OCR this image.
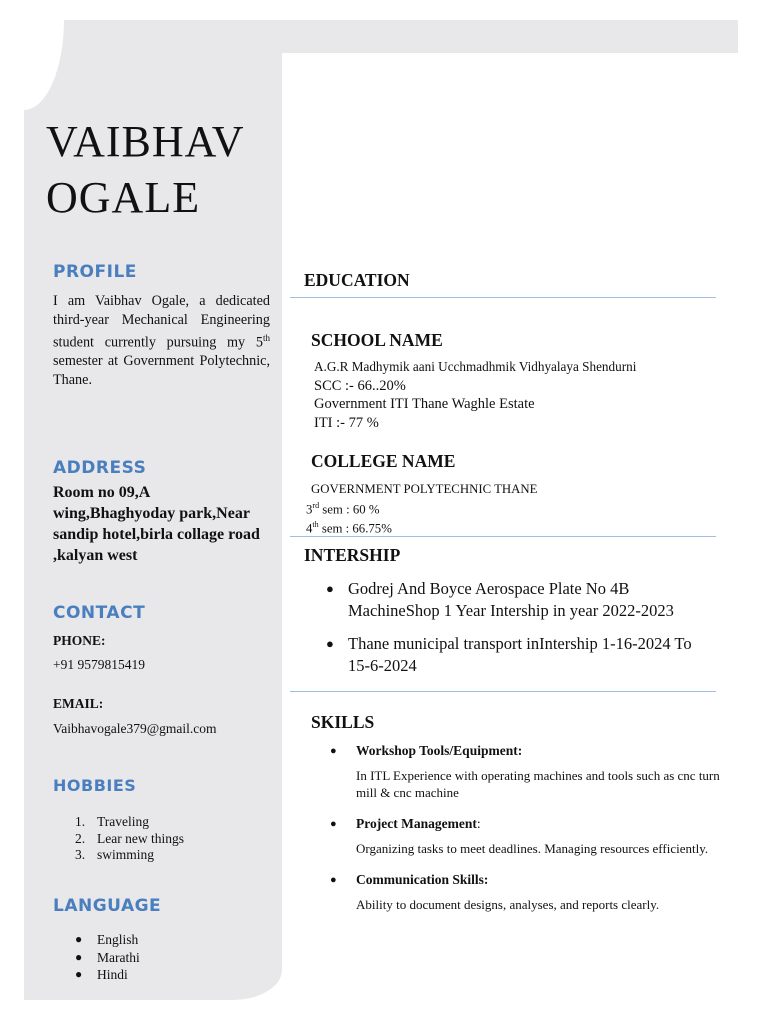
VAIBHAV
OGALE
PROFILE
I am Vaibhav Ogale, a dedicated third-year Mechanical Engineering student currently pursuing my 5th semester at Government Polytechnic, Thane.
ADDRESS
Room no 09,A wing,Bhaghyoday park,Near sandip hotel,birla collage road ,kalyan west
CONTACT
PHONE:
+91 9579815419
EMAIL:
Vaibhavogale379@gmail.com
HOBBIES
1. Traveling
2. Lear new things
3. swimming
LANGUAGE
●	English
●	Marathi
●	Hindi
EDUCATION
SCHOOL NAME
A.G.R Madhymik aani Ucchmadhmik Vidhyalaya Shendurni
SCC :- 66..20%
Government ITI Thane Waghle Estate
ITI :- 77 %
COLLEGE NAME
GOVERNMENT POLYTECHNIC THANE
3rd sem : 60 %
4th sem : 66.75%
INTERSHIP
● Godrej And Boyce Aerospace Plate No 4B MachineShop 1 Year Intership in year 2022-2023
● Thane municipal transport inIntership 1-16-2024 To 15-6-2024
SKILLS
●	Workshop Tools/Equipment:
In ITL Experience with operating machines and tools such as cnc turn mill & cnc machine
●	Project Management :
Organizing tasks to meet deadlines. Managing resources efficiently.
●	Communication Skills:
Ability to document designs, analyses, and reports clearly.
